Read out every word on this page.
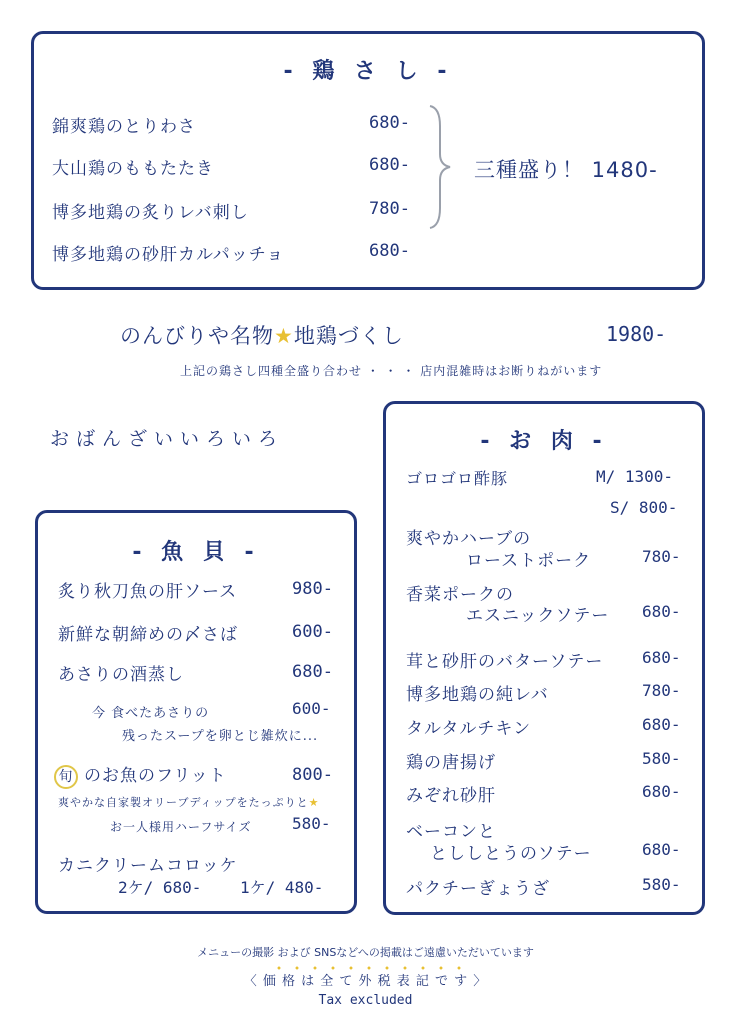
- 鶏 さ し -
錦爽鶏のとりわさ	680-
大山鶏のももたたき	680-
博多地鶏の炙りレバ刺し	780-
博多地鶏の砂肝カルパッチョ	680-
三種盛り！ 1480-
のんびりや名物★地鶏づくし	1980-
上記の鶏さし四種全盛り合わせ ・ ・ ・ 店内混雑時はお断りねがいます
おばんざいいろいろ
- 魚 貝 -
炙り秋刀魚の肝ソース	980-
新鮮な朝締めの〆さば	600-
あさりの酒蒸し	680-
今 食べたあさりの	600-
残ったスープを卵とじ雑炊に...
旬 のお魚のフリット	800-
爽やかな自家製オリーブディップをたっぷりと★
お一人様用ハーフサイズ	580-
カニクリームコロッケ
2ケ/ 680-    1ケ/ 480-
- お 肉 -
ゴロゴロ酢豚	M/ 1300-
S/ 800-
爽やかハーブの
ローストポーク	780-
香菜ポークの
エスニックソテー 680-
茸と砂肝のバターソテー 680-
博多地鶏の純レバ	780-
タルタルチキン	680-
鶏の唐揚げ	580-
みぞれ砂肝	680-
ベーコンと
とししとうのソテー	680-
パクチーぎょうざ	580-
メニューの撮影 および SNSなどへの掲載はご遠慮いただいています
〈 価 格 は 全 て 外 税 表 記 で す 〉
Tax excluded
